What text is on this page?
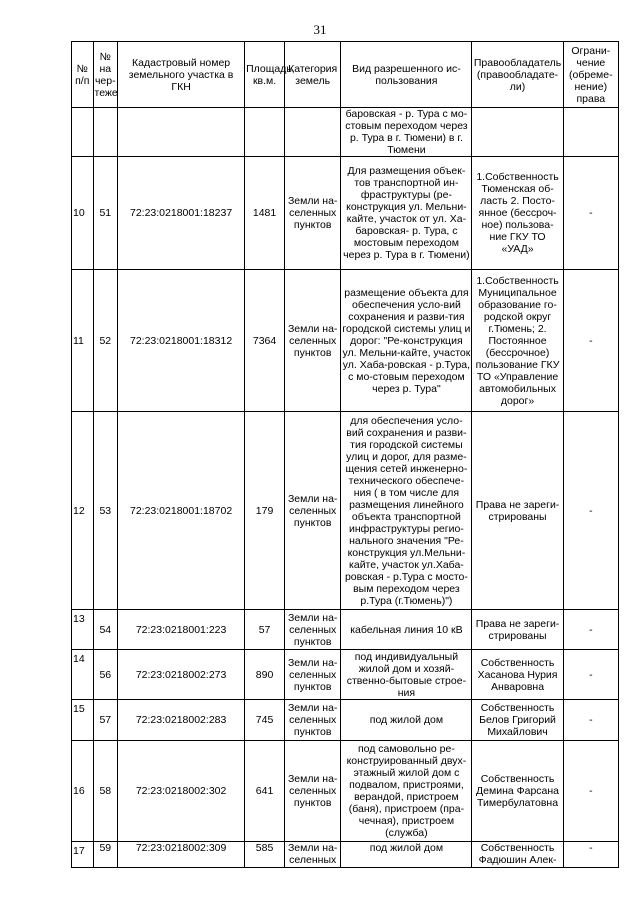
31
№ п/п	№ на чер-теже	Кадастровый номер земельного участка в ГКН	Площадь, кв.м.	Категория земель	Вид разрешенного ис-пользования	Правообладатель (правообладате-ли)	Ограни-чение (обреме-нение) права
					баровская - р. Тура с мо-стовым переходом через р. Тура в г. Тюмени) в г. Тюмени		
10	51	72:23:0218001:18237	1481	Земли на-селенных пунктов	Для размещения объек-тов транспортной ин-фраструктуры (ре-конструкция ул. Мельни-кайте, участок от ул. Ха-баровская- р. Тура, с мостовым переходом через р. Тура в г. Тюмени)	1.Собственность Тюменская об-ласть 2. Посто-янное (бессроч-ное) пользова-ние ГКУ ТО «УАД»	-
11	52	72:23:0218001:18312	7364	Земли на-селенных пунктов	размещение объекта для обеспечения усло-вий сохранения и разви-тия городской системы улиц и дорог: "Ре-конструкция ул. Мельни-кайте, участок ул. Хаба-ровская - р.Тура, с мо-стовым переходом через р. Тура"	1.Собственность Муниципальное образование го-родской округ г.Тюмень; 2. Постоянное (бессрочное) пользование ГКУ ТО «Управление автомобильных дорог»	-
12	53	72:23:0218001:18702	179	Земли на-селенных пунктов	для обеспечения усло-вий сохранения и разви-тия городской системы улиц и дорог, для разме-щения сетей инженерно-технического обеспече-ния ( в том числе для размещения линейного объекта транспортной инфраструктуры регио-нального значения "Ре-конструкция ул.Мельни-кайте, участок ул.Хаба-ровская - р.Тура с мосто-вым переходом через р.Тура (г.Тюмень)")	Права не зареги-стрированы	-
13	54	72:23:0218001:223	57	Земли на-селенных пунктов	кабельная линия 10 кВ	Права не зареги-стрированы	-
14	56	72:23:0218002:273	890	Земли на-селенных пунктов	под индивидуальный жилой дом и хозяй-ственно-бытовые строе-ния	Собственность Хасанова Нурия Анваровна	-
15	57	72:23:0218002:283	745	Земли на-селенных пунктов	под жилой дом	Собственность Белов Григорий Михайлович	-
16	58	72:23:0218002:302	641	Земли на-селенных пунктов	под самовольно ре-конструированный двух-этажный жилой дом с подвалом, пристроями, верандой, пристроем (баня), пристроем (пра-чечная), пристроем (служба)	Собственность Демина Фарсана Тимербулатовна	-
17	59	72:23:0218002:309	585	Земли на-селенных	под жилой дом	Собственность Фадюшин Алек-	-
